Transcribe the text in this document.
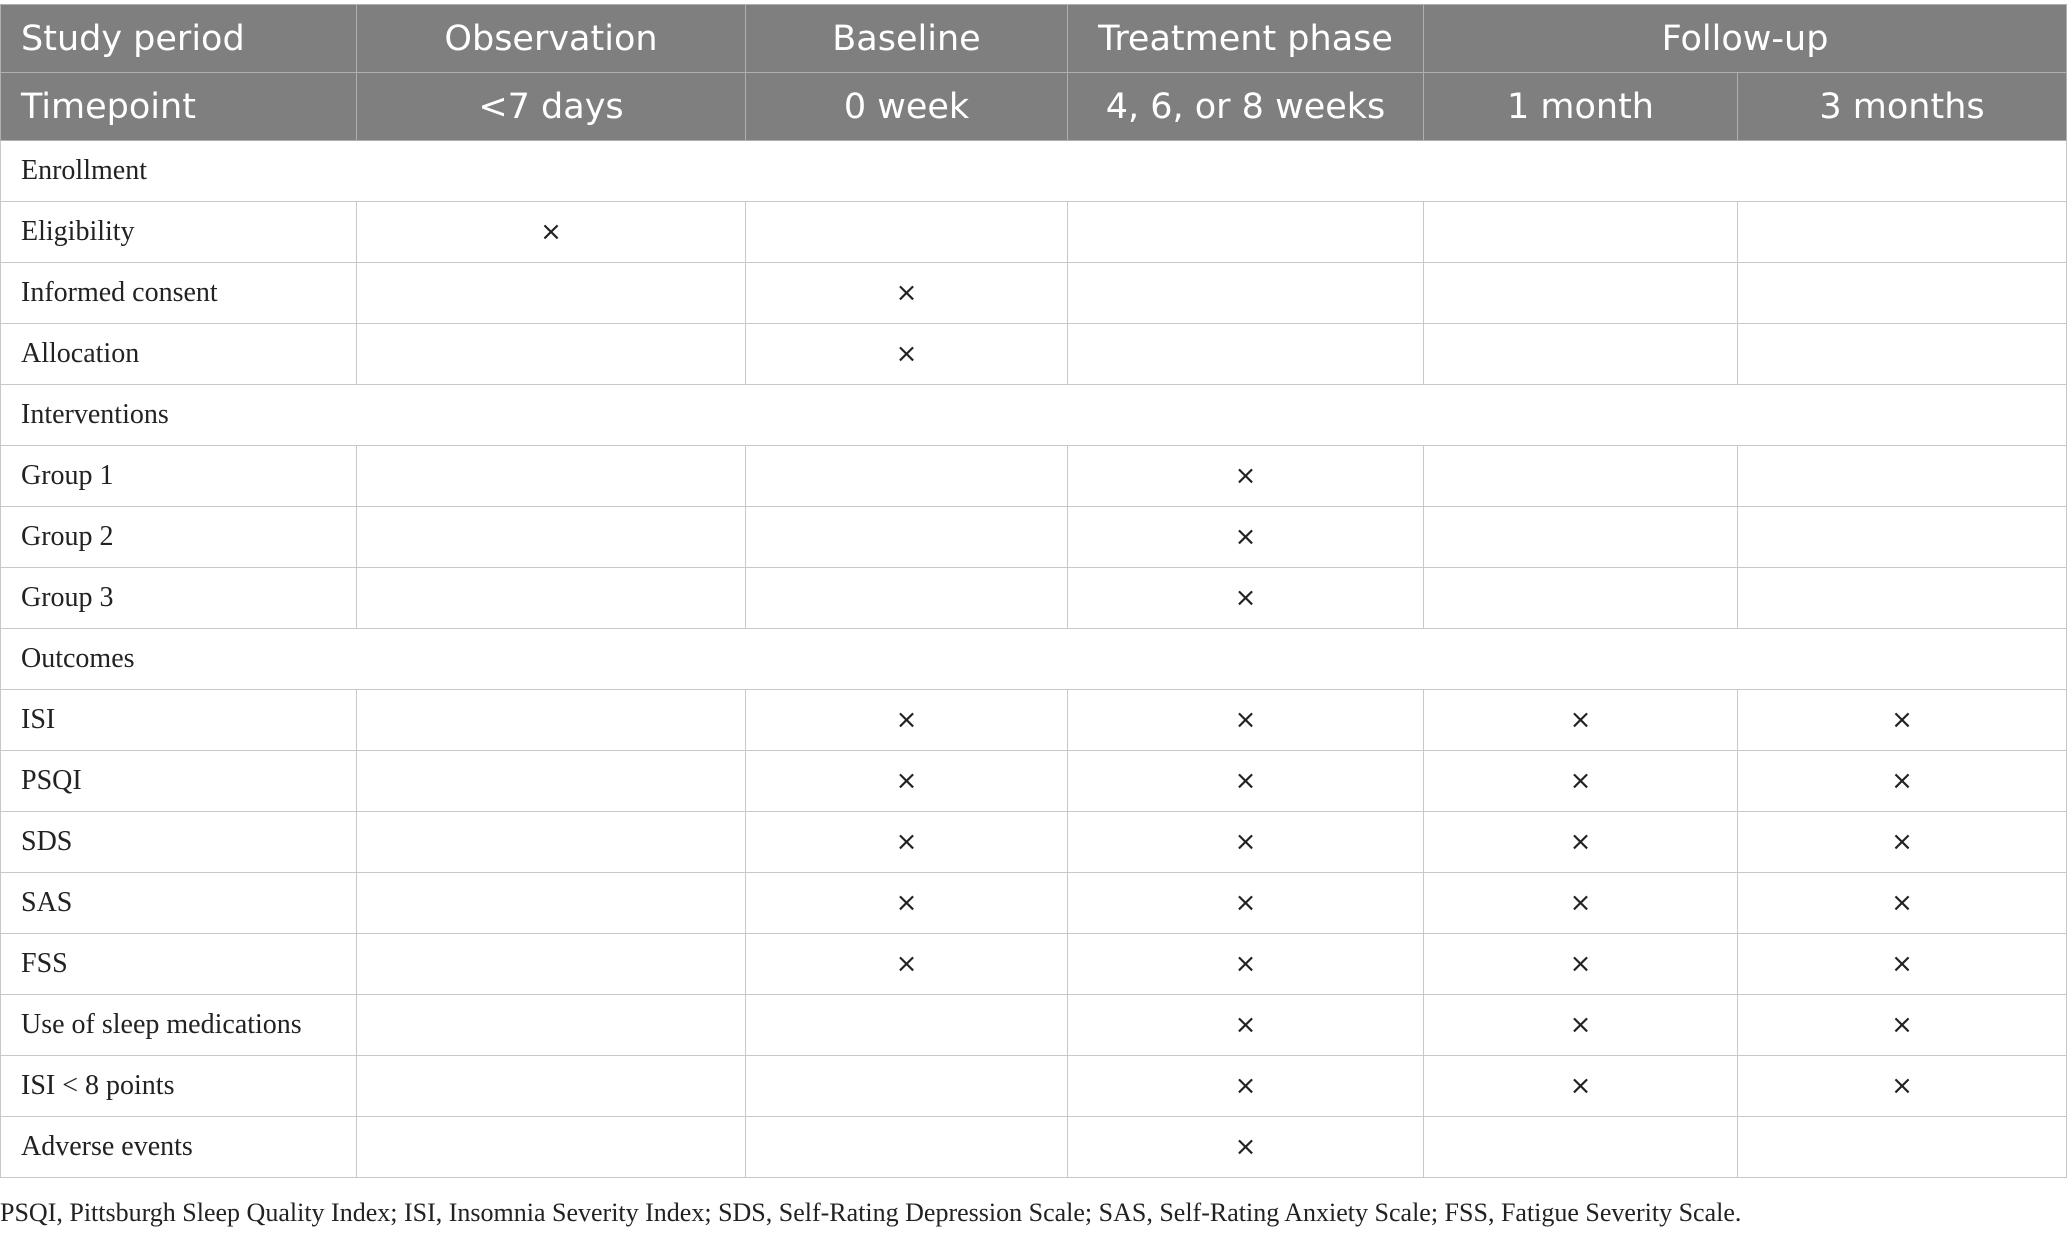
Study period	Observation	Baseline	Treatment phase	Follow-up	
Timepoint	<7 days	0 week	4, 6, or 8 weeks	1 month	3 months
Enrollment					
Eligibility	×				
Informed consent		×			
Allocation		×			
Interventions					
Group 1			×		
Group 2			×		
Group 3			×		
Outcomes					
ISI		×	×	×	×
PSQI		×	×	×	×
SDS		×	×	×	×
SAS		×	×	×	×
FSS		×	×	×	×
Use of sleep medications			×	×	×
ISI < 8 points			×	×	×
Adverse events			×		
PSQI, Pittsburgh Sleep Quality Index; ISI, Insomnia Severity Index; SDS, Self-Rating Depression Scale; SAS, Self-Rating Anxiety Scale; FSS, Fatigue Severity Scale.
